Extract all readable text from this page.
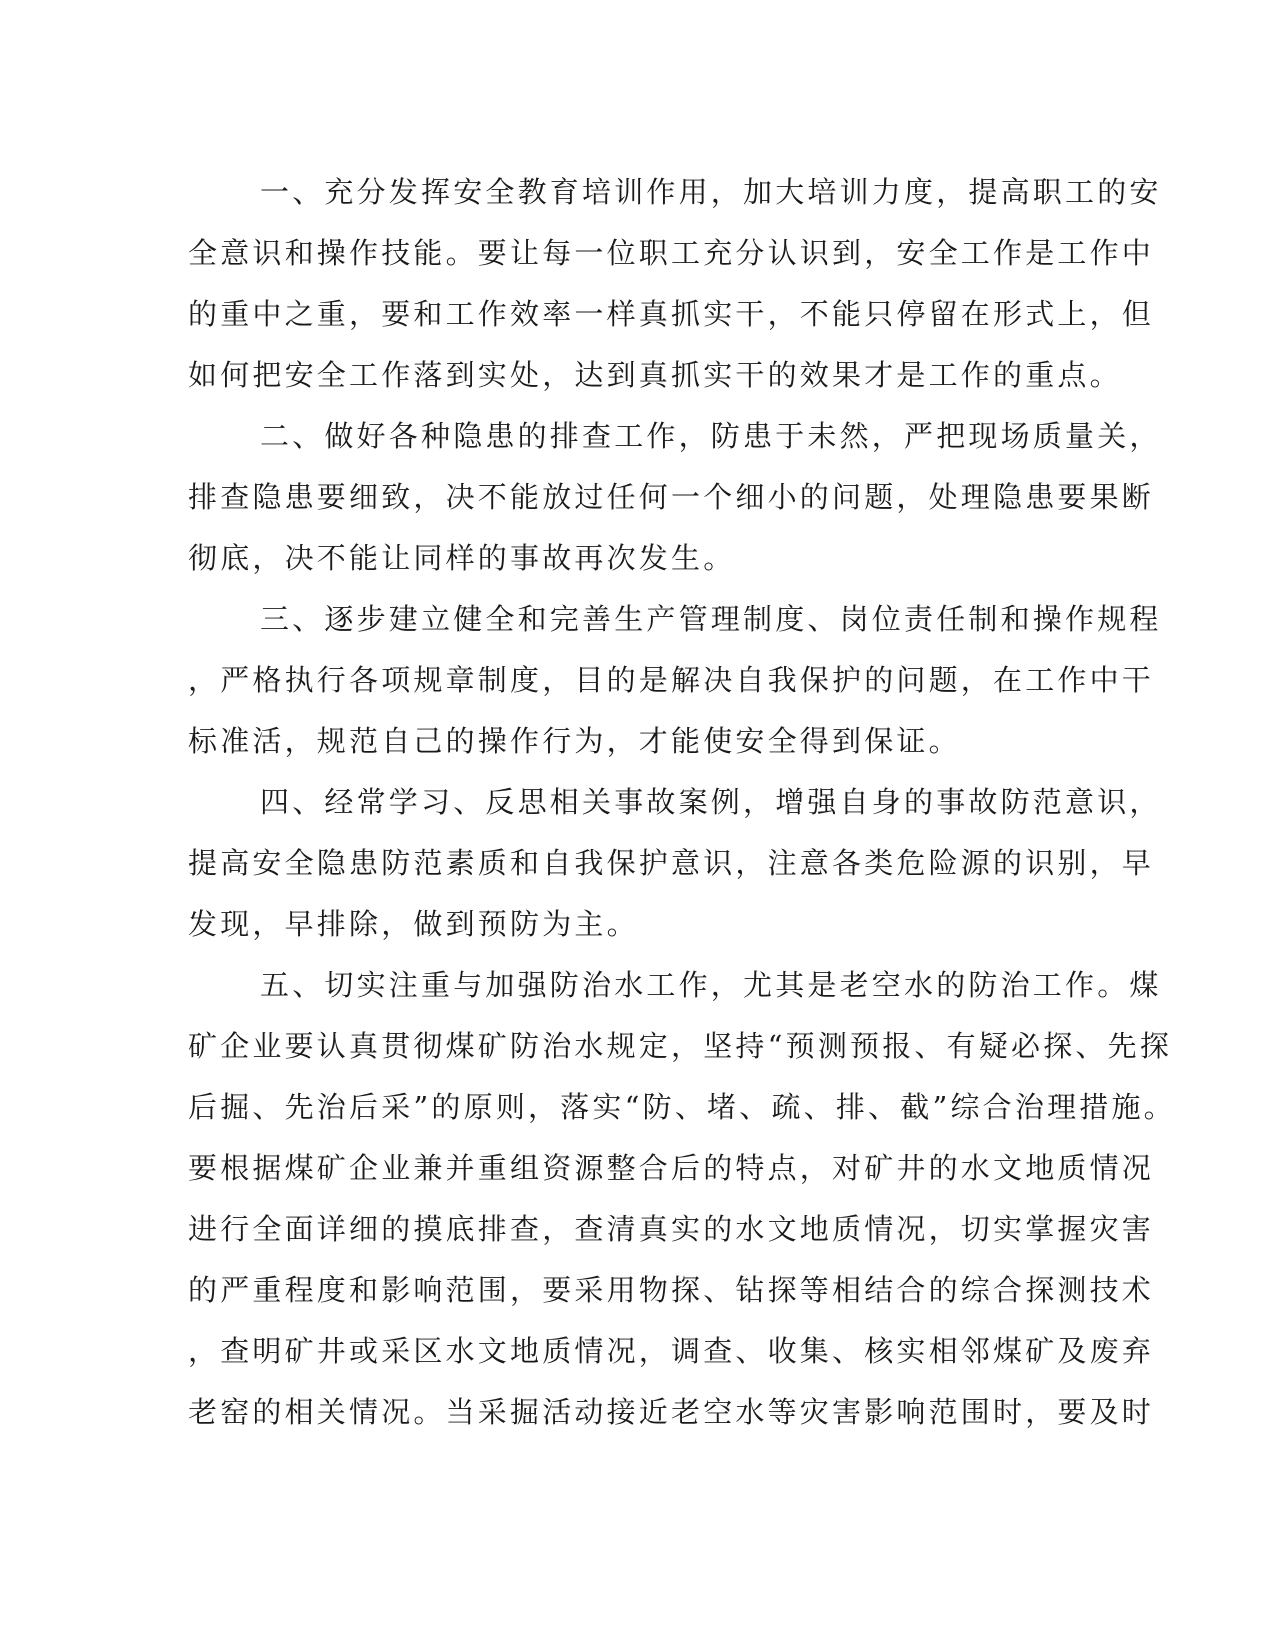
一、充分发挥安全教育培训作用，加大培训力度，提高职工的安
全意识和操作技能。要让每一位职工充分认识到，安全工作是工作中
的重中之重，要和工作效率一样真抓实干，不能只停留在形式上，但
如何把安全工作落到实处，达到真抓实干的效果才是工作的重点。
二、做好各种隐患的排查工作，防患于未然，严把现场质量关，
排查隐患要细致，决不能放过任何一个细小的问题，处理隐患要果断
彻底，决不能让同样的事故再次发生。
三、逐步建立健全和完善生产管理制度、岗位责任制和操作规程
，严格执行各项规章制度，目的是解决自我保护的问题，在工作中干
标准活，规范自己的操作行为，才能使安全得到保证。
四、经常学习、反思相关事故案例，增强自身的事故防范意识，
提高安全隐患防范素质和自我保护意识，注意各类危险源的识别，早
发现，早排除，做到预防为主。
五、切实注重与加强防治水工作，尤其是老空水的防治工作。煤
矿企业要认真贯彻煤矿防治水规定，坚持“预测预报、有疑必探、先探
后掘、先治后采”的原则，落实“防、堵、疏、排、截”综合治理措施。
要根据煤矿企业兼并重组资源整合后的特点，对矿井的水文地质情况
进行全面详细的摸底排查，查清真实的水文地质情况，切实掌握灾害
的严重程度和影响范围，要采用物探、钻探等相结合的综合探测技术
，查明矿井或采区水文地质情况，调查、收集、核实相邻煤矿及废弃
老窑的相关情况。当采掘活动接近老空水等灾害影响范围时，要及时
